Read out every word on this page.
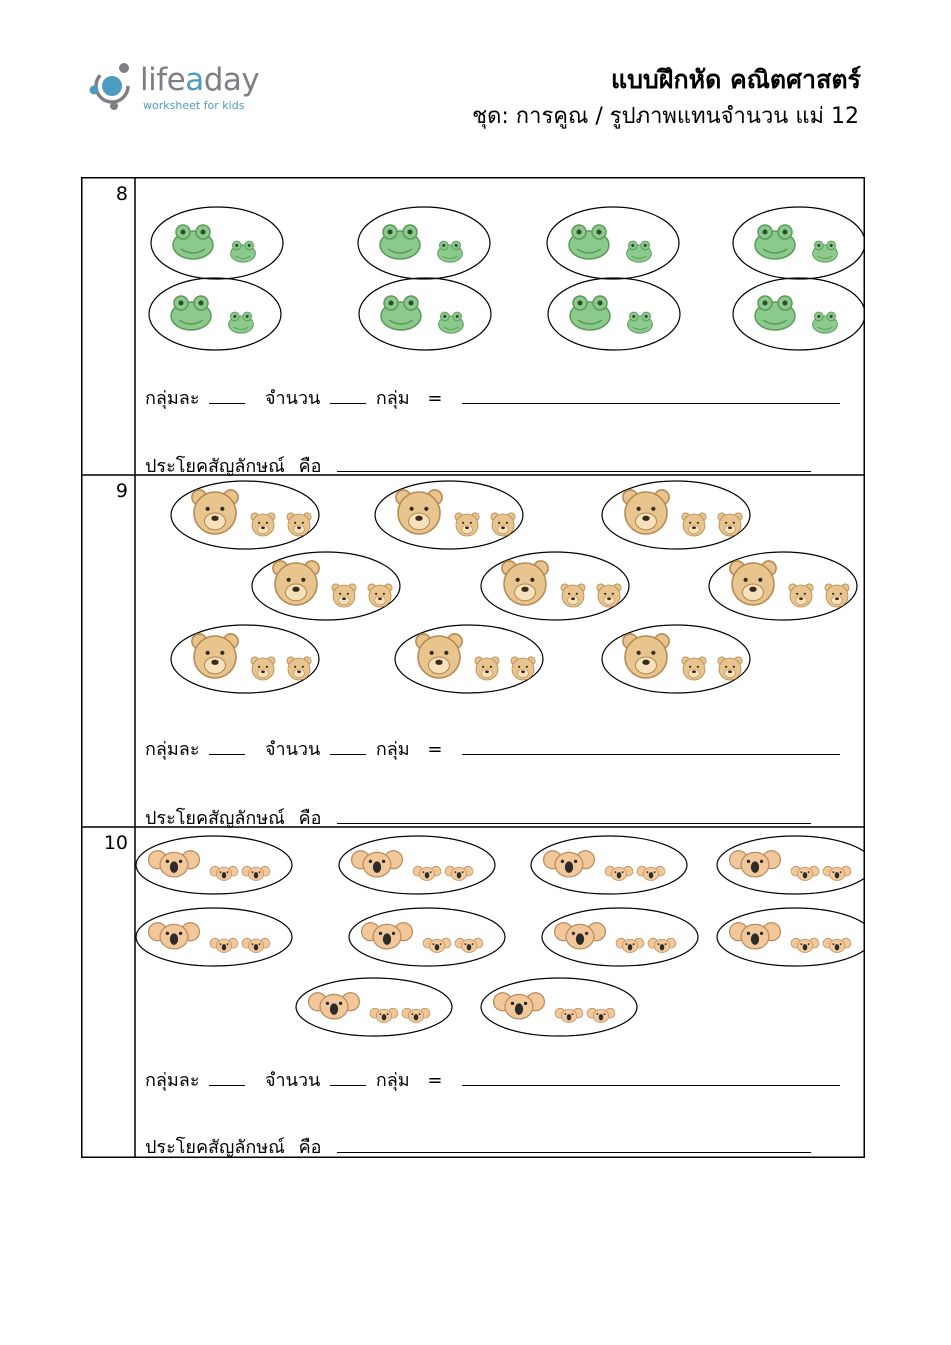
lifeaday
worksheet for kids
แบบฝึกหัด คณิตศาสตร์
ชุด: การคูณ / รูปภาพแทนจำนวน แม่ 12
8
กลุ่มละ	จำนวน	กลุ่ม =
ประโยคสัญลักษณ์ คือ
9
กลุ่มละ	จำนวน	กลุ่ม =
ประโยคสัญลักษณ์ คือ
10
กลุ่มละ	จำนวน	กลุ่ม =
ประโยคสัญลักษณ์ คือ
